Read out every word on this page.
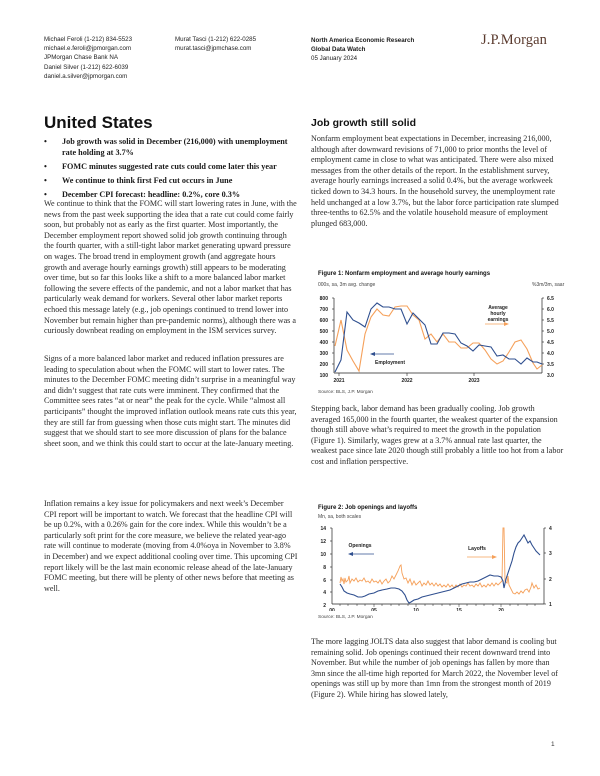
Michael Feroli (1-212) 834-5523
michael.e.feroli@jpmorgan.com
JPMorgan Chase Bank NA
Daniel Silver (1-212) 622-6039
daniel.a.silver@jpmorgan.com
Murat Tasci (1-212) 622-0285
murat.tasci@jpmchase.com
North America Economic Research
Global Data Watch
05 January 2024
J.P.Morgan
United States
• Job growth was solid in December (216,000) with unemployment rate holding at 3.7%
• FOMC minutes suggested rate cuts could come later this year
• We continue to think first Fed cut occurs in June
• December CPI forecast: headline: 0.2%, core 0.3%

We continue to think that the FOMC will start lowering rates in June, with the news from the past week supporting the idea that a rate cut could come fairly soon, but probably not as early as the first quarter. Most importantly, the December employment report showed solid job growth continuing through the fourth quarter, with a still-tight labor market generating upward pressure on wages. The broad trend in employment growth (and aggregate hours growth and average hourly earnings growth) still appears to be moderating over time, but so far this looks like a shift to a more balanced labor market following the severe effects of the pandemic, and not a labor market that has particularly weak demand for workers. Several other labor market reports echoed this message lately (e.g., job openings continued to trend lower into November but remain higher than pre-pandemic norms), although there was a curiously downbeat reading on employment in the ISM services survey.

Signs of a more balanced labor market and reduced inflation pressures are leading to speculation about when the FOMC will start to lower rates. The minutes to the December FOMC meeting didn’t surprise in a meaningful way and didn’t suggest that rate cuts were imminent. They confirmed that the Committee sees rates “at or near” the peak for the cycle. While “almost all participants” thought the improved inflation outlook means rate cuts this year, they are still far from guessing when those cuts might start. The minutes did suggest that we should start to see more discussion of plans for the balance sheet soon, and we think this could start to occur at the late-January meeting.

Inflation remains a key issue for policymakers and next week’s December CPI report will be important to watch. We forecast that the headline CPI will be up 0.2%, with a 0.26% gain for the core index. While this wouldn’t be a particularly soft print for the core measure, we believe the related year-ago rate will continue to moderate (moving from 4.0%oya in November to 3.8% in December) and we expect additional cooling over time. This upcoming CPI report likely will be the last main economic release ahead of the late-January FOMC meeting, but there will be plenty of other news before that meeting as well.

Job growth still solid

Nonfarm employment beat expectations in December, increasing 216,000, although after downward revisions of 71,000 to prior months the level of employment came in close to what was anticipated. There were also mixed messages from the other details of the report. In the establishment survey, average hourly earnings increased a solid 0.4%, but the average workweek ticked down to 34.3 hours. In the household survey, the unemployment rate held unchanged at a low 3.7%, but the labor force participation rate slumped three-tenths to 62.5% and the volatile household measure of employment plunged 683,000.

Figure 1: Nonfarm employment and average hourly earnings
000s, sa, 3m avg. change	%3m/3m, saar
800
700
600
500
400
300
200
100
2021	2022	2023
6.5
6.0
5.5
5.0
4.5
4.0
3.5
3.0
Employment
Average
hourly
earnings
Source: BLS, J.P. Morgan

Stepping back, labor demand has been gradually cooling. Job growth averaged 165,000 in the fourth quarter, the weakest quarter of the expansion though still above what’s required to meet the growth in the population (Figure 1). Similarly, wages grew at a 3.7% annual rate last quarter, the weakest pace since late 2020 though still probably a little too hot from a labor cost and inflation perspective.

Figure 2: Job openings and layoffs
Mn, sa, both scales
14
12
10
8
6
4
2
00	05	10	15	20
4
3
2
1
Openings	Layoffs
Source: BLS, J.P. Morgan

The more lagging JOLTS data also suggest that labor demand is cooling but remaining solid. Job openings continued their recent downward trend into November. But while the number of job openings has fallen by more than 3mn since the all-time high reported for March 2022, the November level of openings was still up by more than 1mn from the strongest month of 2019 (Figure 2). While hiring has slowed lately,

1
